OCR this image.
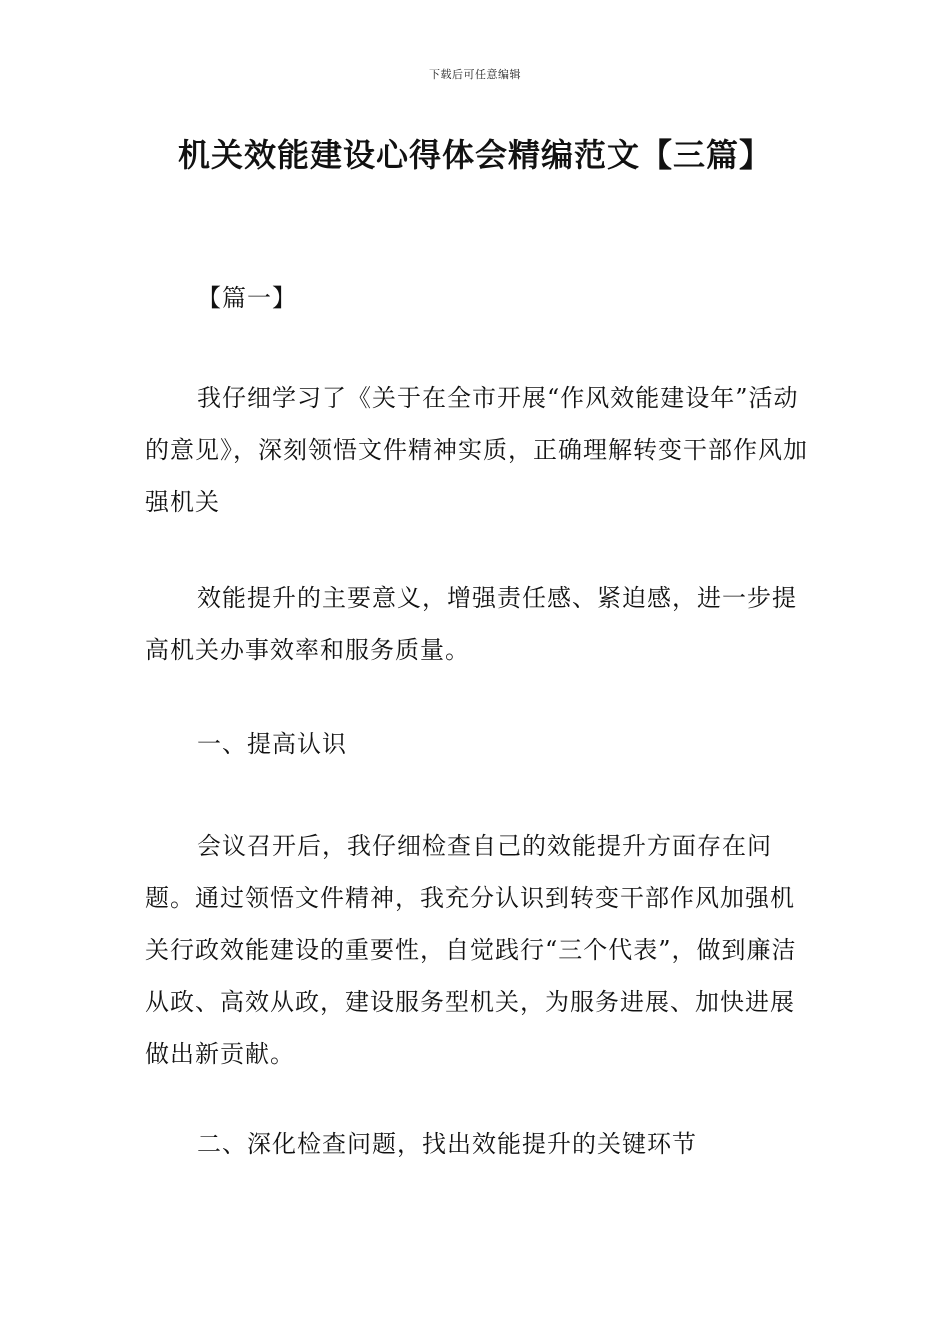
下载后可任意编辑
机关效能建设心得体会精编范文【三篇】
【篇一】

我仔细学习了《关于在全市开展“作风效能建设年”活动的意见》，深刻领悟文件精神实质，正确理解转变干部作风加强机关

效能提升的主要意义，增强责任感、紧迫感，进一步提高机关办事效率和服务质量。

一、提高认识

会议召开后，我仔细检查自己的效能提升方面存在问题。通过领悟文件精神，我充分认识到转变干部作风加强机关行政效能建设的重要性，自觉践行“三个代表”，做到廉洁从政、高效从政，建设服务型机关，为服务进展、加快进展做出新贡献。

二、深化检查问题，找出效能提升的关键环节
